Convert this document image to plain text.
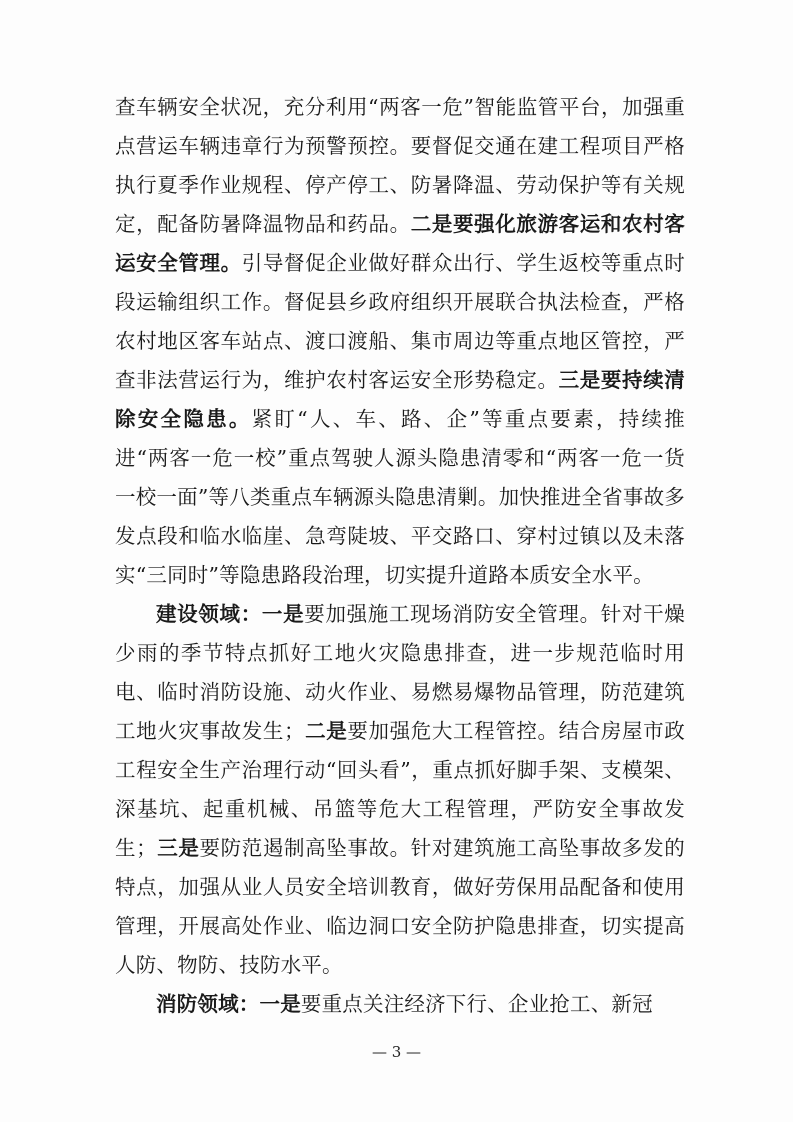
查车辆安全状况，充分利用“两客一危”智能监管平台，加强重点营运车辆违章行为预警预控。要督促交通在建工程项目严格执行夏季作业规程、停产停工、防暑降温、劳动保护等有关规定，配备防暑降温物品和药品。二是要强化旅游客运和农村客运安全管理。引导督促企业做好群众出行、学生返校等重点时段运输组织工作。督促县乡政府组织开展联合执法检查，严格农村地区客车站点、渡口渡船、集市周边等重点地区管控，严查非法营运行为，维护农村客运安全形势稳定。三是要持续清除安全隐患。紧盯“人、车、路、企”等重点要素，持续推进“两客一危一校”重点驾驶人源头隐患清零和“两客一危一货一校一面”等八类重点车辆源头隐患清剿。加快推进全省事故多发点段和临水临崖、急弯陡坡、平交路口、穿村过镇以及未落实“三同时”等隐患路段治理，切实提升道路本质安全水平。

建设领域：一是要加强施工现场消防安全管理。针对干燥少雨的季节特点抓好工地火灾隐患排查，进一步规范临时用电、临时消防设施、动火作业、易燃易爆物品管理，防范建筑工地火灾事故发生；二是要加强危大工程管控。结合房屋市政工程安全生产治理行动“回头看”，重点抓好脚手架、支模架、深基坑、起重机械、吊篮等危大工程管理，严防安全事故发生；三是要防范遏制高坠事故。针对建筑施工高坠事故多发的特点，加强从业人员安全培训教育，做好劳保用品配备和使用管理，开展高处作业、临边洞口安全防护隐患排查，切实提高人防、物防、技防水平。

消防领域：一是要重点关注经济下行、企业抢工、新冠

— 3 —
